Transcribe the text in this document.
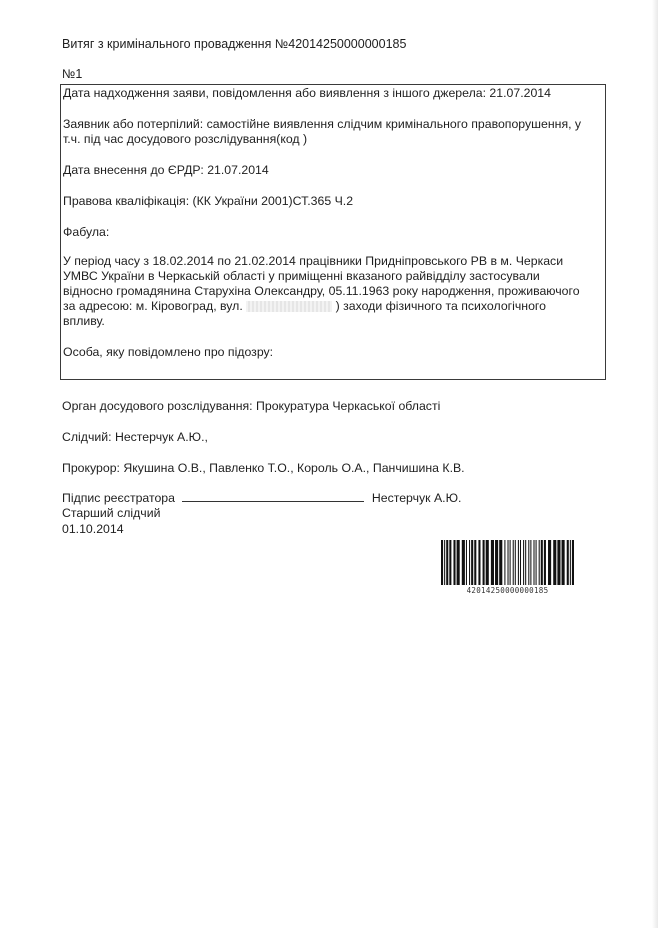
Витяг з кримінального провадження №42014250000000185
№1

Дата надходження заяви, повідомлення або виявлення з іншого джерела: 21.07.2014

Заявник або потерпілий: самостійне виявлення слідчим кримінального правопорушення, у
т.ч. під час досудового розслідування(код )

Дата внесення до ЄРДР: 21.07.2014

Правова кваліфікація: (КК України 2001)СТ.365 Ч.2

Фабула:

У період часу з 18.02.2014 по 21.02.2014 працівники Придніпровського РВ в м. Черкаси
УМВС України в Черкаській області у приміщенні вказаного райвідділу застосували
відносно громадянина Старухіна Олександру, 05.11.1963 року народження, проживаючого
за адресою: м. Кіровоград, вул.	) заходи фізичного та психологічного
впливу.

Особа, яку повідомлено про підозру:

Орган досудового розслідування: Прокуратура Черкаської області
Слідчий: Нестерчук А.Ю.,
Прокурор: Якушина О.В., Павленко Т.О., Король О.А., Панчишина К.В.
Підпис реєстратора	Нестерчук А.Ю.
Старший слідчий
01.10.2014
42014250000000185
